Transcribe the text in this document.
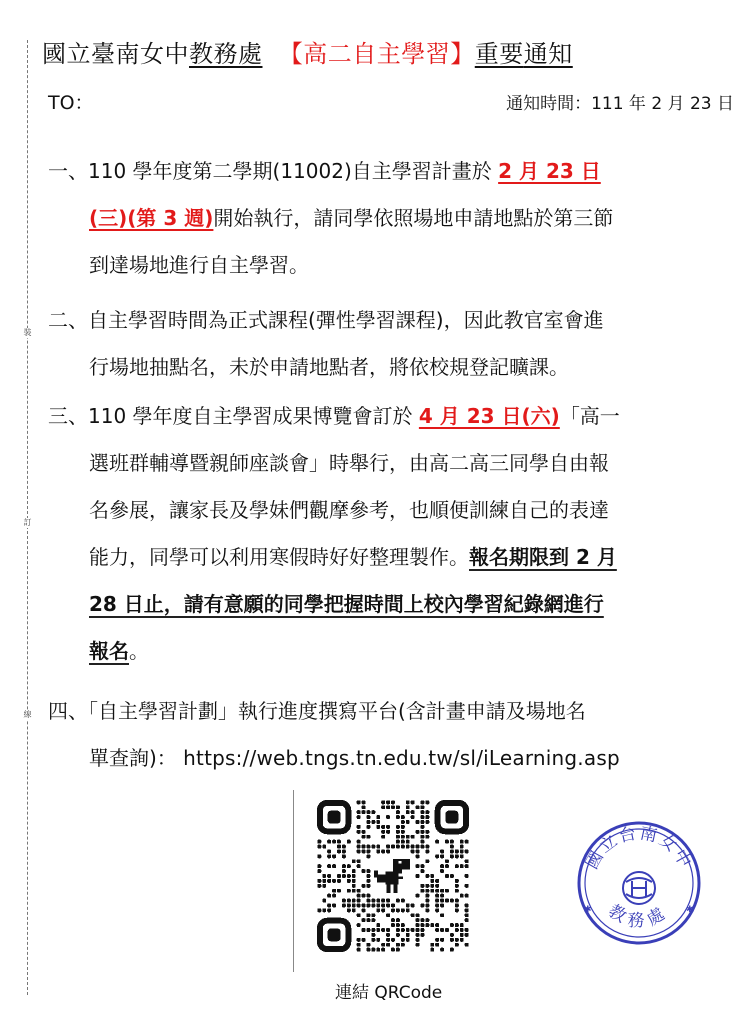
裝
訂
線
國立臺南女中教務處 【高二自主學習】重要通知
TO：	通知時間：111 年 2 月 23 日
一、110 學年度第二學期(11002)自主學習計畫於 2 月 23 日
(三)(第 3 週)開始執行，請同學依照場地申請地點於第三節
到達場地進行自主學習。
二、自主學習時間為正式課程(彈性學習課程)，因此教官室會進
行場地抽點名，未於申請地點者，將依校規登記曠課。
三、110 學年度自主學習成果博覽會訂於 4 月 23 日(六)「高一
選班群輔導暨親師座談會」時舉行，由高二高三同學自由報
名參展，讓家長及學妹們觀摩參考，也順便訓練自己的表達
能力，同學可以利用寒假時好好整理製作。報名期限到 2 月
28 日止，請有意願的同學把握時間上校內學習紀錄網進行
報名。
四、「自主學習計劃」執行進度撰寫平台(含計畫申請及場地名
單查詢)： https://web.tngs.tn.edu.tw/sl/iLearning.asp
連結 QRCode
國立台南女中
教務處
✱	✱
